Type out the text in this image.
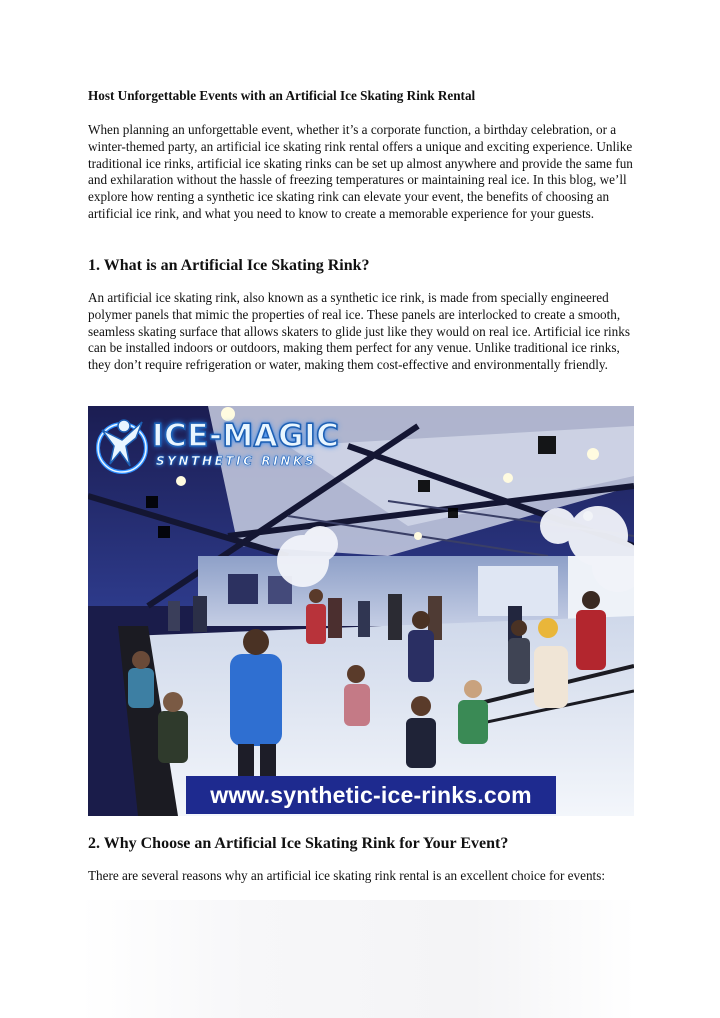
Host Unforgettable Events with an Artificial Ice Skating Rink Rental

When planning an unforgettable event, whether it’s a corporate function, a birthday celebration, or a winter-themed party, an artificial ice skating rink rental offers a unique and exciting experience. Unlike traditional ice rinks, artificial ice skating rinks can be set up almost anywhere and provide the same fun and exhilaration without the hassle of freezing temperatures or maintaining real ice. In this blog, we’ll explore how renting a synthetic ice skating rink can elevate your event, the benefits of choosing an artificial ice rink, and what you need to know to create a memorable experience for your guests.

1. What is an Artificial Ice Skating Rink?

An artificial ice skating rink, also known as a synthetic ice rink, is made from specially engineered polymer panels that mimic the properties of real ice. These panels are interlocked to create a smooth, seamless skating surface that allows skaters to glide just like they would on real ice. Artificial ice rinks can be installed indoors or outdoors, making them perfect for any venue. Unlike traditional ice rinks, they don’t require refrigeration or water, making them cost-effective and environmentally friendly.

ICE-MAGIC
SYNTHETIC RINKS
www.synthetic-ice-rinks.com
2. Why Choose an Artificial Ice Skating Rink for Your Event?

There are several reasons why an artificial ice skating rink rental is an excellent choice for events:
